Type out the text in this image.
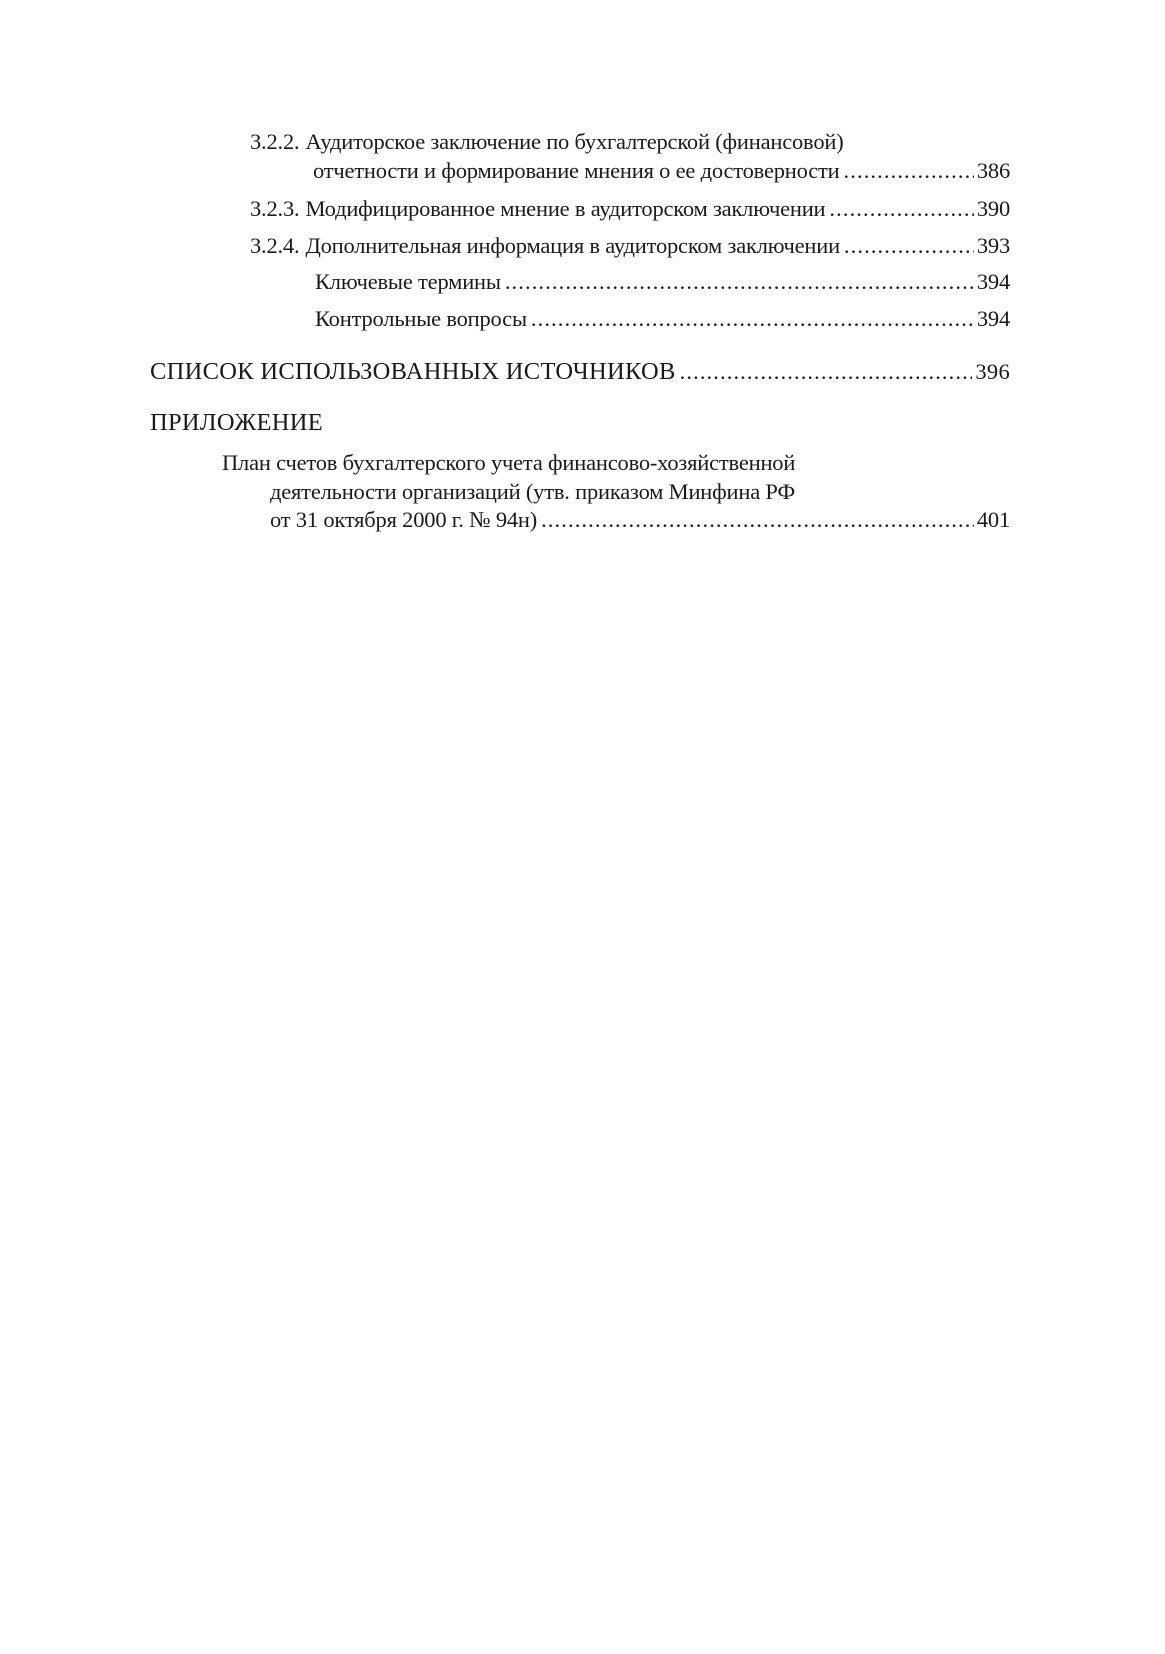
3.2.2. Аудиторское заключение по бухгалтерской (финансовой)
отчетности и формирование мнения о ее достоверности .....	386
3.2.3. Модифицированное мнение в аудиторском заключении .....	390
3.2.4. Дополнительная информация в аудиторском заключении .....	393
Ключевые термины .....	394
Контрольные вопросы .....	394
СПИСОК ИСПОЛЬЗОВАННЫХ ИСТОЧНИКОВ .....	396
ПРИЛОЖЕНИЕ
План счетов бухгалтерского учета финансово-хозяйственной
деятельности организаций (утв. приказом Минфина РФ
от 31 октября 2000 г. № 94н) .....	401
